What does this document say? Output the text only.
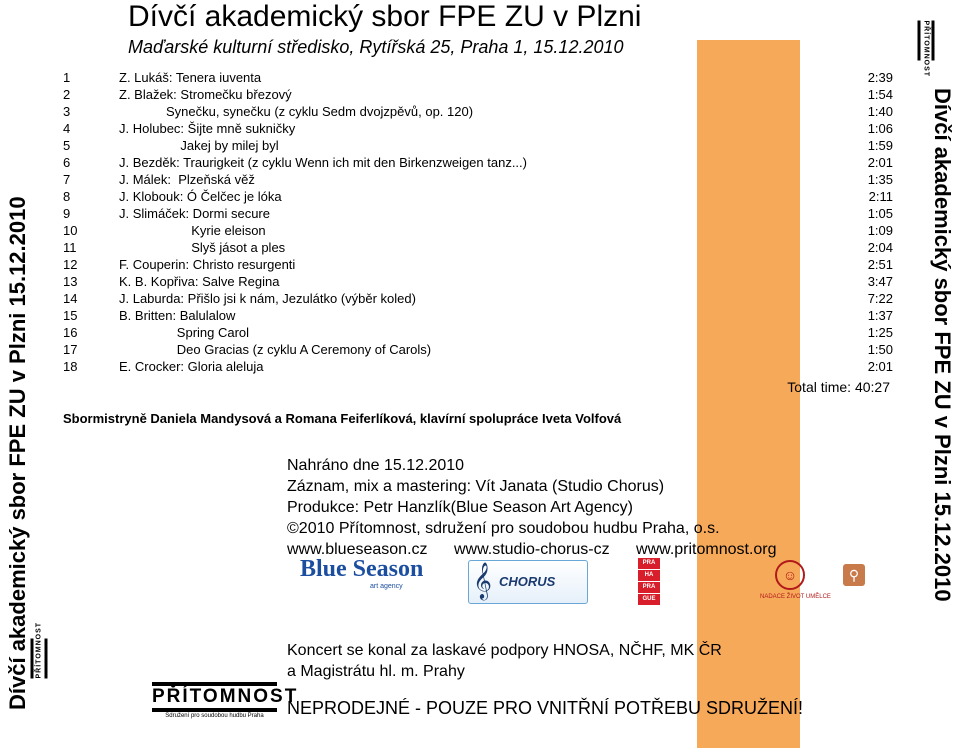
Dívčí akademický sbor FPE ZU v Plzni 15.12.2010	Dívčí akademický sbor FPE ZU v Plzni 15.12.2010
PŘÍTOMNOST
PŘÍTOMNOST
Dívčí akademický sbor FPE ZU v Plzni
Maďarské kulturní středisko, Rytířská 25, Praha 1, 15.12.2010
1	Z. Lukáš: Tenera iuventa	2:39
2	Z. Blažek: Stromečku březový	1:54
3	Synečku, synečku (z cyklu Sedm dvojzpěvů, op. 120)	1:40
4	J. Holubec: Šijte mně sukničky	1:06
5	Jakej by milej byl	1:59
6	J. Bezděk: Traurigkeit (z cyklu Wenn ich mit den Birkenzweigen tanz...)	2:01
7	J. Málek:  Plzeňská věž	1:35
8	J. Klobouk: Ó Čelčec je lóka	2:11
9	J. Slimáček: Dormi secure	1:05
10	Kyrie eleison	1:09
11	Slyš jásot a ples	2:04
12	F. Couperin: Christo resurgenti	2:51
13	K. B. Kopřiva: Salve Regina	3:47
14	J. Laburda: Přišlo jsi k nám, Jezulátko (výběr koled)	7:22
15	B. Britten: Balulalow	1:37
16	Spring Carol	1:25
17	Deo Gracias (z cyklu A Ceremony of Carols)	1:50
18	E. Crocker: Gloria aleluja	2:01
Total time: 40:27
Sbormistryně Daniela Mandysová a Romana Feiferlíková, klavírní spolupráce Iveta Volfová
Nahráno dne 15.12.2010
Záznam, mix a mastering: Vít Janata (Studio Chorus)
Produkce: Petr Hanzlík(Blue Season Art Agency)
©2010 Přítomnost, sdružení pro soudobou hudbu Praha, o.s.
www.blueseason.cz www.studio-chorus-cz www.pritomnost.org
Blue Season
art agency	𝄞 CHORUS
PRA
HA
PRA
GUE
☺
NADACE ŽIVOT UMĚLCE
⚲
Koncert se konal za laskavé podpory HNOSA, NČHF, MK ČR
a Magistrátu hl. m. Prahy
PŘÍTOMNOST
Sdružení pro soudobou hudbu Praha	NEPRODEJNÉ - POUZE PRO VNITŘNÍ POTŘEBU SDRUŽENÍ!
